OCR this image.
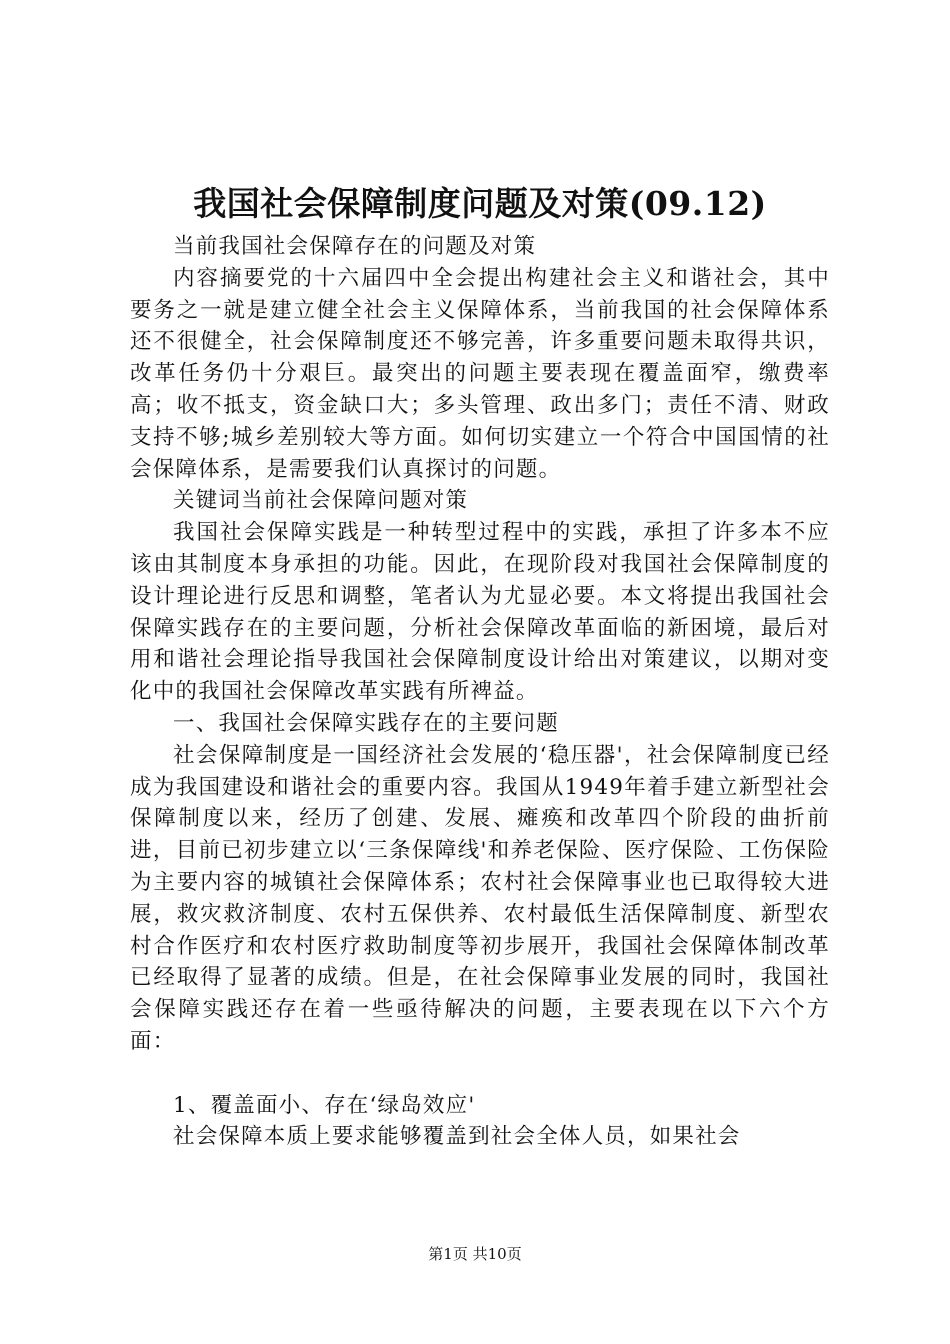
我国社会保障制度问题及对策(09.12)

当前我国社会保障存在的问题及对策

内容摘要党的十六届四中全会提出构建社会主义和谐社会，其中要务之一就是建立健全社会主义保障体系，当前我国的社会保障体系还不很健全，社会保障制度还不够完善，许多重要问题未取得共识，改革任务仍十分艰巨。最突出的问题主要表现在覆盖面窄，缴费率高；收不抵支，资金缺口大；多头管理、政出多门；责任不清、财政支持不够;城乡差别较大等方面。如何切实建立一个符合中国国情的社会保障体系，是需要我们认真探讨的问题。

关键词当前社会保障问题对策

我国社会保障实践是一种转型过程中的实践，承担了许多本不应该由其制度本身承担的功能。因此，在现阶段对我国社会保障制度的设计理论进行反思和调整，笔者认为尤显必要。本文将提出我国社会保障实践存在的主要问题，分析社会保障改革面临的新困境，最后对用和谐社会理论指导我国社会保障制度设计给出对策建议，以期对变化中的我国社会保障改革实践有所裨益。

一、我国社会保障实践存在的主要问题

社会保障制度是一国经济社会发展的‘稳压器'，社会保障制度已经成为我国建设和谐社会的重要内容。我国从1949年着手建立新型社会保障制度以来，经历了创建、发展、瘫痪和改革四个阶段的曲折前进，目前已初步建立以‘三条保障线'和养老保险、医疗保险、工伤保险为主要内容的城镇社会保障体系；农村社会保障事业也已取得较大进展，救灾救济制度、农村五保供养、农村最低生活保障制度、新型农村合作医疗和农村医疗救助制度等初步展开，我国社会保障体制改革已经取得了显著的成绩。但是，在社会保障事业发展的同时，我国社会保障实践还存在着一些亟待解决的问题，主要表现在以下六个方面：

1、覆盖面小、存在‘绿岛效应'

社会保障本质上要求能够覆盖到社会全体人员，如果社会

第1页 共10页
